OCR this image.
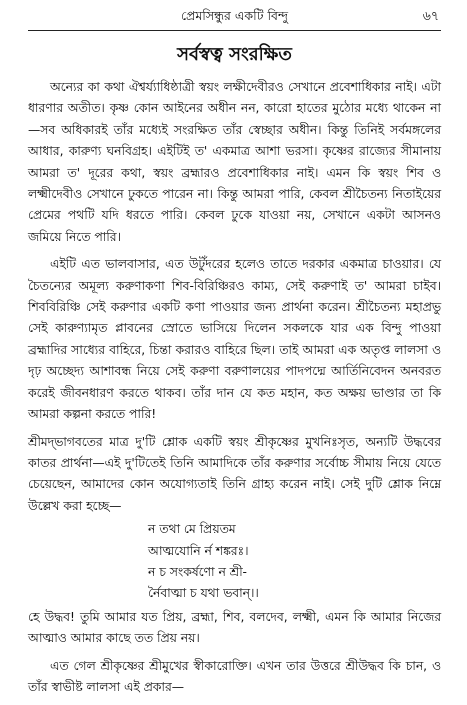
প্রেমসিন্ধুর একটি বিন্দু	৬৭
সর্বস্বত্ব সংরক্ষিত

অন্যের কা কথা ঐশ্বর্য্যাধিষ্ঠাত্রী স্বয়ং লক্ষীদেবীরও সেখানে প্রবেশাধিকার নাই। এটা ধারণার অতীত। কৃষ্ণ কোন আইনের অধীন নন, কারো হাতের মুঠোর মধ্যে থাকেন না—সব অধিকারই তাঁর মধ্যেই সংরক্ষিত তাঁর স্বেচ্ছার অধীন। কিন্তু তিনিই সর্বমঙ্গলের আধার, কারুণ্য ঘনবিগ্রহ। এইটিই ত' একমাত্র আশা ভরসা। কৃষ্ণের রাজ্যের সীমানায় আমরা ত' দূরের কথা, স্বয়ং ব্রহ্মারও প্রবেশাধিকার নাই। এমন কি স্বয়ং শিব ও লক্ষ্মীদেবীও সেখানে ঢুকতে পারেন না। কিন্তু আমরা পারি, কেবল শ্রীচৈতন্য নিতাইয়ের প্রেমের পথটি যদি ধরতে পারি। কেবল ঢুকে যাওয়া নয়, সেখানে একটা আসনও জমিয়ে নিতে পারি।

এইটি এত ভালবাসার, এত উটুঁদরের হলেও তাতে দরকার একমাত্র চাওয়ার। যে চৈতন্যের অমূল্য করুণাকণা শিব-বিরিঞ্চিরও কাম্য, সেই করুণাই ত' আমরা চাইব। শিববিরিঞ্চি সেই করুণার একটি কণা পাওয়ার জন্য প্রার্থনা করেন। শ্রীচৈতন্য মহাপ্রভু সেই কারুণ্যামৃত প্লাবনের স্রোতে ভাসিয়ে দিলেন সকলকে যার এক বিন্দু পাওয়া ব্রহ্মাদির সাধ্যের বাহিরে, চিন্তা করারও বাহিরে ছিল। তাই আমরা এক অতৃপ্ত লালসা ও দৃঢ় অচ্ছেদ্য আশাবন্ধ নিয়ে সেই করুণা বরুণালয়ের পাদপদ্মে আর্তিনিবেদন অনবরত করেই জীবনধারণ করতে থাকব। তাঁর দান যে কত মহান, কত অক্ষয় ভাণ্ডার তা কি আমরা কল্পনা করতে পারি!

শ্রীমদ্‌ভাগবতের মাত্র দু'টি শ্লোক একটি স্বয়ং শ্রীকৃষ্ণের মুখনিঃসৃত, অন্যটি উদ্ধবের কাতর প্রার্থনা—এই দু'টিতেই তিনি আমাদিকে তাঁর করুণার সর্বোচ্চ সীমায় নিয়ে যেতে চেয়েছেন, আমাদের কোন অযোগ্যতাই তিনি গ্রাহ্য করেন নাই। সেই দুটি শ্লোক নিম্নে উল্লেখ করা হচ্ছে—

ন তথা মে প্রিয়তম
আত্মযোনি র্ন শঙ্করঃ।
ন চ সংকর্ষণো ন শ্রী-
র্নৈবাত্মা চ যথা ভবান্।।

হে উদ্ধব! তুমি আমার যত প্রিয়, ব্রহ্মা, শিব, বলদেব, লক্ষ্মী, এমন কি আমার নিজের আত্মাও আমার কাছে তত প্রিয় নয়।

এত গেল শ্রীকৃষ্ণের শ্রীমুখের স্বীকারোক্তি। এখন তার উত্তরে শ্রীউদ্ধব কি চান, ও তাঁর স্বাভীষ্ট লালসা এই প্রকার—
